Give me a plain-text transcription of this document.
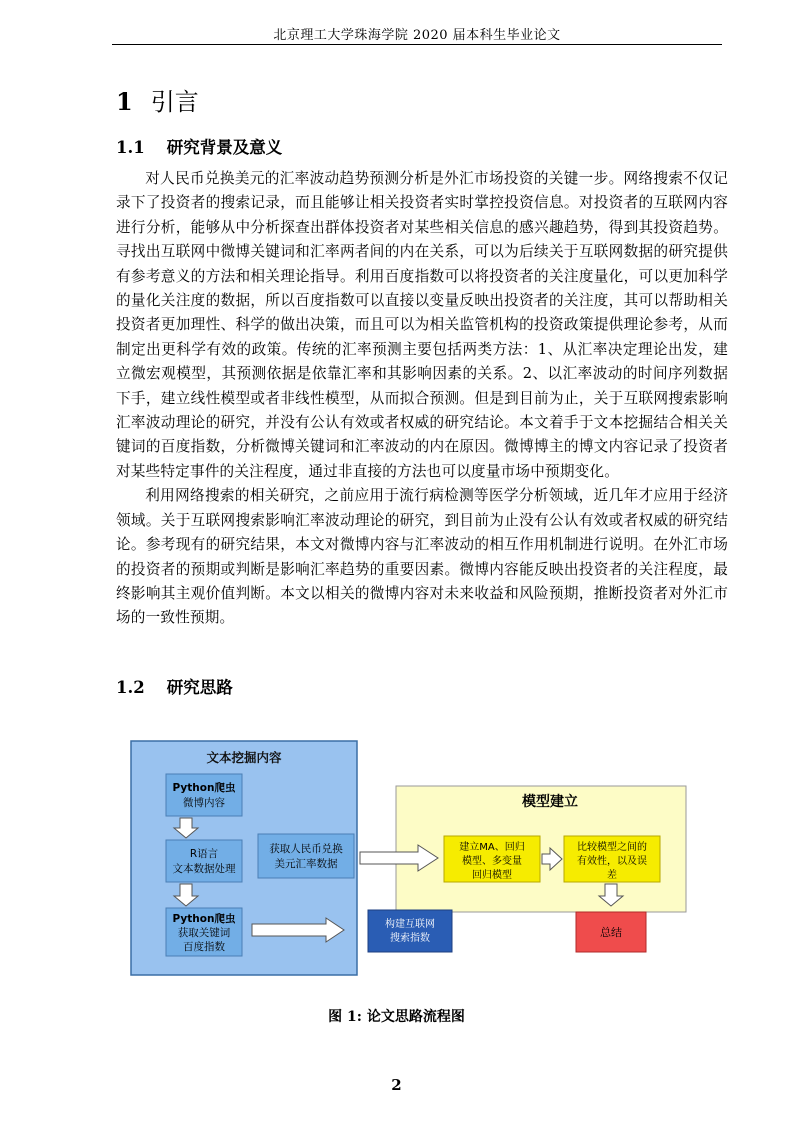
北京理工大学珠海学院 2020 届本科生毕业论文
1 引言
1.1 研究背景及意义

对人民币兑换美元的汇率波动趋势预测分析是外汇市场投资的关键一步。网络搜索不仅记录下了投资者的搜索记录，而且能够让相关投资者实时掌控投资信息。对投资者的互联网内容进行分析，能够从中分析探查出群体投资者对某些相关信息的感兴趣趋势，得到其投资趋势。寻找出互联网中微博关键词和汇率两者间的内在关系，可以为后续关于互联网数据的研究提供有参考意义的方法和相关理论指导。利用百度指数可以将投资者的关注度量化，可以更加科学的量化关注度的数据，所以百度指数可以直接以变量反映出投资者的关注度，其可以帮助相关投资者更加理性、科学的做出决策，而且可以为相关监管机构的投资政策提供理论参考，从而制定出更科学有效的政策。传统的汇率预测主要包括两类方法：1、从汇率决定理论出发，建立微宏观模型，其预测依据是依靠汇率和其影响因素的关系。2、以汇率波动的时间序列数据下手，建立线性模型或者非线性模型，从而拟合预测。但是到目前为止，关于互联网搜索影响汇率波动理论的研究，并没有公认有效或者权威的研究结论。本文着手于文本挖掘结合相关关键词的百度指数，分析微博关键词和汇率波动的内在原因。微博博主的博文内容记录了投资者对某些特定事件的关注程度，通过非直接的方法也可以度量市场中预期变化。

利用网络搜索的相关研究，之前应用于流行病检测等医学分析领域，近几年才应用于经济领域。关于互联网搜索影响汇率波动理论的研究，到目前为止没有公认有效或者权威的研究结论。参考现有的研究结果，本文对微博内容与汇率波动的相互作用机制进行说明。在外汇市场的投资者的预期或判断是影响汇率趋势的重要因素。微博内容能反映出投资者的关注程度，最终影响其主观价值判断。本文以相关的微博内容对未来收益和风险预期，推断投资者对外汇市场的一致性预期。

1.2 研究思路
文本挖掘内容
Python爬虫
微博内容
R语言
文本数据处理
Python爬虫
获取关键词
百度指数
获取人民币兑换
美元汇率数据
模型建立
建立MA、回归
模型、多变量
回归模型
比较模型之间的
有效性，以及误
差
构建互联网
搜索指数	总结
图 1: 论文思路流程图
2
